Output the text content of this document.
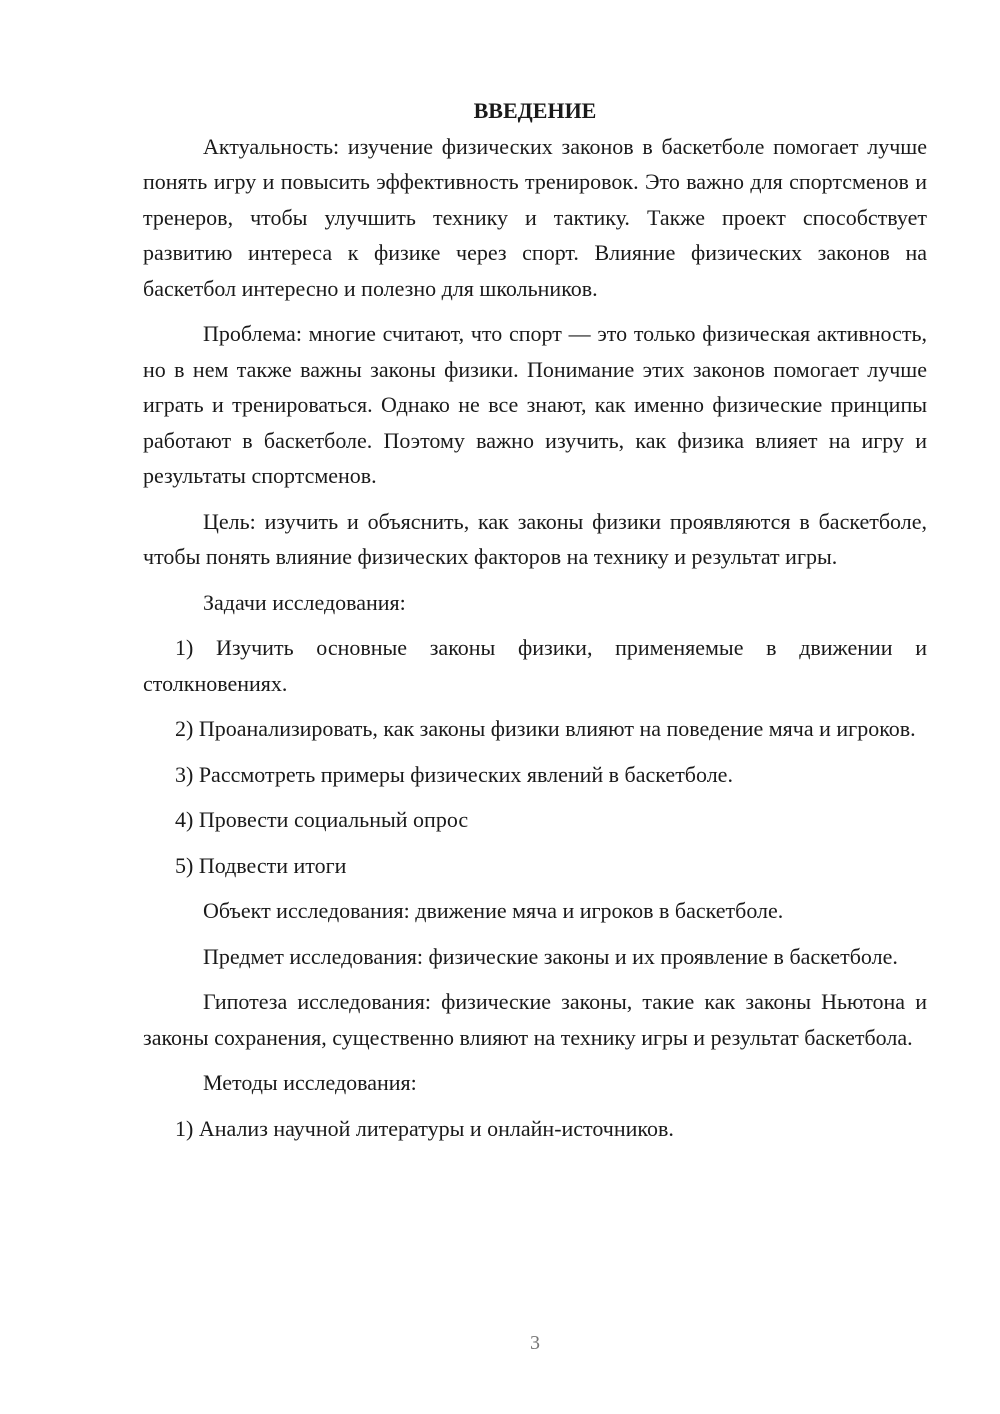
ВВЕДЕНИЕ

Актуальность: изучение физических законов в баскетболе помогает лучше понять игру и повысить эффективность тренировок. Это важно для спортсменов и тренеров, чтобы улучшить технику и тактику. Также проект способствует развитию интереса к физике через спорт. Влияние физических законов на баскетбол интересно и полезно для школьников.

Проблема: многие считают, что спорт — это только физическая активность, но в нем также важны законы физики. Понимание этих законов помогает лучше играть и тренироваться. Однако не все знают, как именно физические принципы работают в баскетболе. Поэтому важно изучить, как физика влияет на игру и результаты спортсменов.

Цель: изучить и объяснить, как законы физики проявляются в баскетболе, чтобы понять влияние физических факторов на технику и результат игры.

Задачи исследования:

1) Изучить основные законы физики, применяемые в движении и столкновениях.

2) Проанализировать, как законы физики влияют на поведение мяча и игроков.

3) Рассмотреть примеры физических явлений в баскетболе.

4) Провести социальный опрос

5) Подвести итоги

Объект исследования: движение мяча и игроков в баскетболе.

Предмет исследования: физические законы и их проявление в баскетболе.

Гипотеза исследования: физические законы, такие как законы Ньютона и законы сохранения, существенно влияют на технику игры и результат баскетбола.

Методы исследования:

1) Анализ научной литературы и онлайн-источников.

3
